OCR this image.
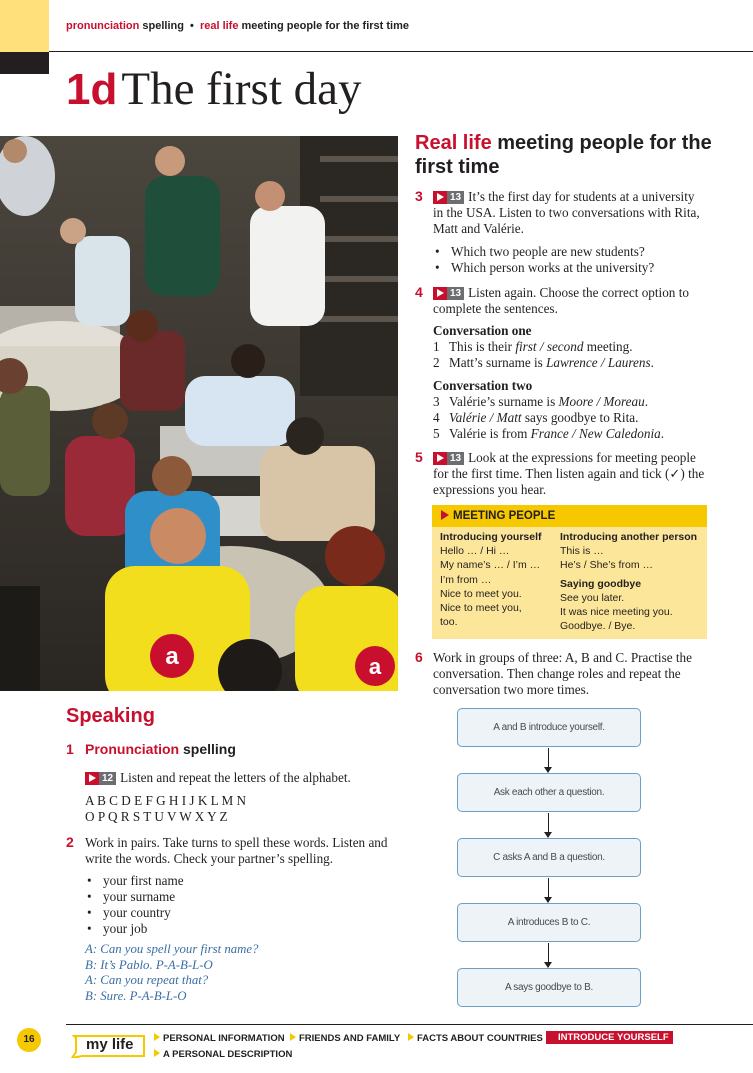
pronunciation spelling • real life meeting people for the first time
1d The first day
a	a
Real life meeting people for the first time
3	13 It’s the first day for students at a university in the USA. Listen to two conversations with Rita, Matt and Valérie.
• Which two people are new students?
• Which person works at the university?
4	13 Listen again. Choose the correct option to complete the sentences.
Conversation one
1 This is their first / second meeting.
2 Matt’s surname is Lawrence / Laurens.
Conversation two
3 Valérie’s surname is Moore / Moreau.
4 Valérie / Matt says goodbye to Rita.
5 Valérie is from France / New Caledonia.
5	13 Look at the expressions for meeting people for the first time. Then listen again and tick (✓) the expressions you hear.
MEETING PEOPLE
Introducing yourself
Hello … / Hi …
My name’s … / I’m …
I’m from …
Nice to meet you.
Nice to meet you,
too.
Introducing another person
This is …
He’s / She’s from …
Saying goodbye
See you later.
It was nice meeting you.
Goodbye. / Bye.
6 Work in groups of three: A, B and C. Practise the conversation. Then change roles and repeat the conversation two more times.
A and B introduce yourself.
Ask each other a question.
C asks A and B a question.
A introduces B to C.
A says goodbye to B.
Speaking
1 Pronunciation spelling
12 Listen and repeat the letters of the alphabet.
A B C D E F G H I J K L M N
O P Q R S T U V W X Y Z
2 Work in pairs. Take turns to spell these words. Listen and write the words. Check your partner’s spelling.
• your first name
• your surname
• your country
• your job
A: Can you spell your first name?
B: It’s Pablo. P-A-B-L-O
A: Can you repeat that?
B: Sure. P-A-B-L-O
16	my life	PERSONAL INFORMATION	FRIENDS AND FAMILY	FACTS ABOUT COUNTRIES	INTRODUCE YOURSELF
A PERSONAL DESCRIPTION
